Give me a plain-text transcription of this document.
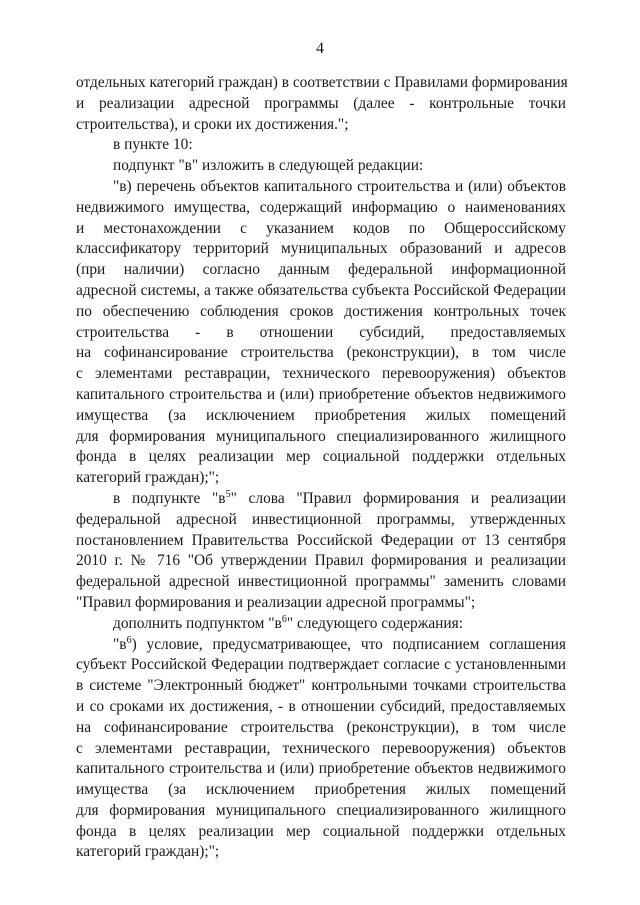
4
отдельных категорий граждан) в соответствии с Правилами формирования
и реализации адресной программы (далее - контрольные точки
строительства), и сроки их достижения.";
в пункте 10:
подпункт "в" изложить в следующей редакции:
"в) перечень объектов капитального строительства и (или) объектов
недвижимого имущества, содержащий информацию о наименованиях
и местонахождении с указанием кодов по Общероссийскому
классификатору территорий муниципальных образований и адресов
(при наличии) согласно данным федеральной информационной
адресной системы, а также обязательства субъекта Российской Федерации
по обеспечению соблюдения сроков достижения контрольных точек
строительства - в отношении субсидий, предоставляемых
на софинансирование строительства (реконструкции), в том числе
с элементами реставрации, технического перевооружения) объектов
капитального строительства и (или) приобретение объектов недвижимого
имущества (за исключением приобретения жилых помещений
для формирования муниципального специализированного жилищного
фонда в целях реализации мер социальной поддержки отдельных
категорий граждан);";
в подпункте "$в^5$" слова "Правил формирования и реализации
федеральной адресной инвестиционной программы, утвержденных
постановлением Правительства Российской Федерации от 13 сентября
2010 г. № 716 "Об утверждении Правил формирования и реализации
федеральной адресной инвестиционной программы" заменить словами
"Правил формирования и реализации адресной программы";
дополнить подпунктом "$в^6$" следующего содержания:
"$в^6$) условие, предусматривающее, что подписанием соглашения
субъект Российской Федерации подтверждает согласие с установленными
в системе "Электронный бюджет" контрольными точками строительства
и со сроками их достижения, - в отношении субсидий, предоставляемых
на софинансирование строительства (реконструкции), в том числе
с элементами реставрации, технического перевооружения) объектов
капитального строительства и (или) приобретение объектов недвижимого
имущества (за исключением приобретения жилых помещений
для формирования муниципального специализированного жилищного
фонда в целях реализации мер социальной поддержки отдельных
категорий граждан);";
